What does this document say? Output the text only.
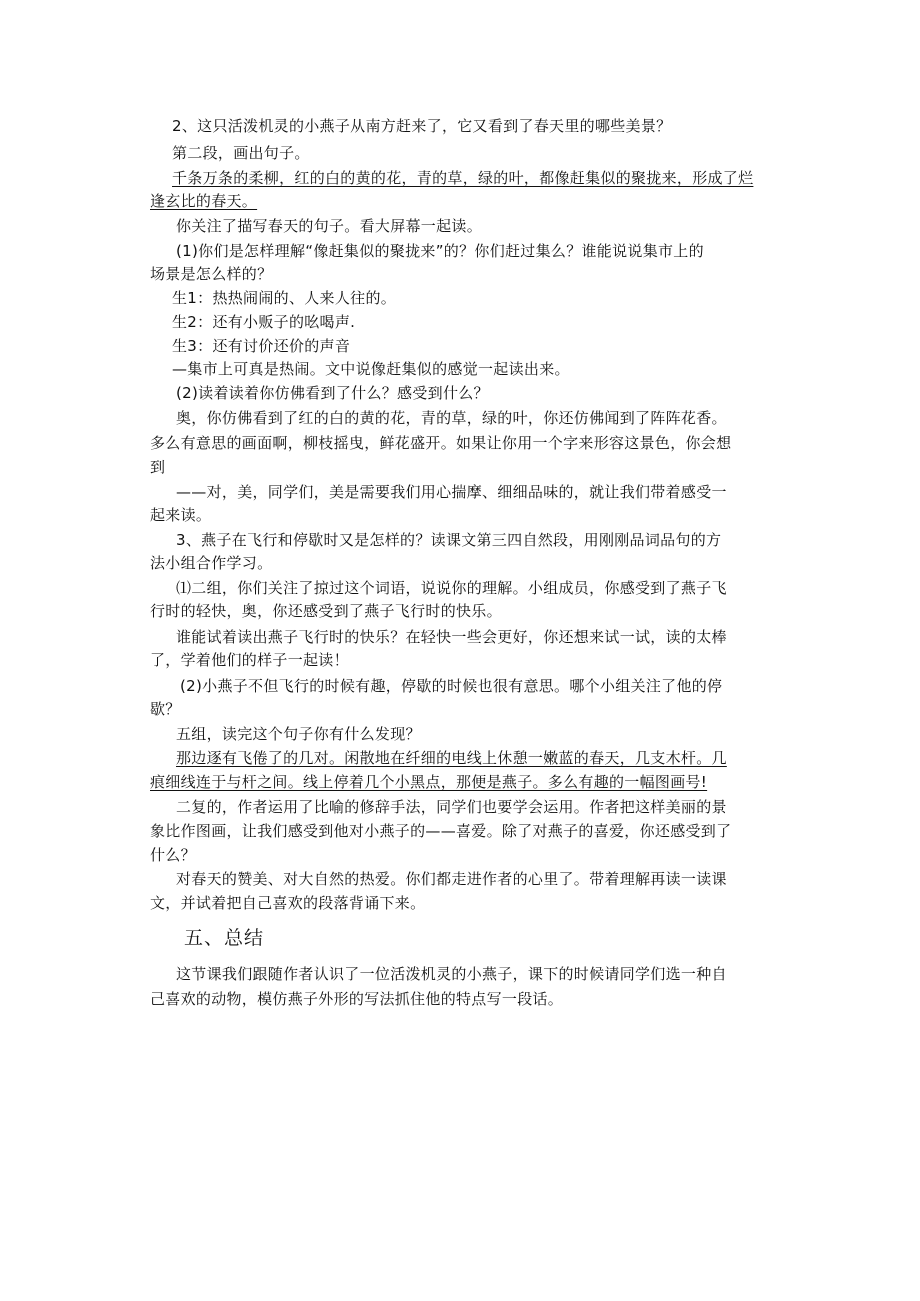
2、这只活泼机灵的小燕子从南方赶来了，它又看到了春天里的哪些美景？
第二段，画出句子。
千条万条的柔柳，红的白的黄的花，青的草，绿的叶，都像赶集似的聚拢来，形成了烂
逢玄比的春天。
你关注了描写春天的句子。看大屏幕一起读。
(1)你们是怎样理解“像赶集似的聚拢来”的？你们赶过集么？谁能说说集市上的
场景是怎么样的？
生1：热热闹闹的、人来人往的。
生2：还有小贩子的吆喝声.
生3：还有讨价还价的声音
—集市上可真是热闹。文中说像赶集似的感觉一起读出来。
(2)读着读着你仿佛看到了什么？感受到什么？
奥，你仿佛看到了红的白的黄的花，青的草，绿的叶，你还仿佛闻到了阵阵花香。
多么有意思的画面啊，柳枝摇曳，鲜花盛开。如果让你用一个字来形容这景色，你会想
到
——对，美，同学们，美是需要我们用心揣摩、细细品味的，就让我们带着感受一
起来读。
3、燕子在飞行和停歇时又是怎样的？读课文第三四自然段，用刚刚品词品句的方
法小组合作学习。
⑴二组，你们关注了掠过这个词语，说说你的理解。小组成员，你感受到了燕子飞
行时的轻快，奥，你还感受到了燕子飞行时的快乐。
谁能试着读出燕子飞行时的快乐？在轻快一些会更好，你还想来试一试，读的太棒
了，学着他们的样子一起读！
(2)小燕子不但飞行的时候有趣，停歇的时候也很有意思。哪个小组关注了他的停
歇？
五组，读完这个句子你有什么发现？
那边逐有飞倦了的几对。闲散地在纤细的电线上休憩一嫩蓝的春天，几支木杆。几
痕细线连于与杆之间。线上停着几个小黑点，那便是燕子。多么有趣的一幅图画号!
二复的，作者运用了比喻的修辞手法，同学们也要学会运用。作者把这样美丽的景
象比作图画，让我们感受到他对小燕子的——喜爱。除了对燕子的喜爱，你还感受到了
什么？
对春天的赞美、对大自然的热爱。你们都走进作者的心里了。带着理解再读一读课
文，并试着把自己喜欢的段落背诵下来。
五、总结
这节课我们跟随作者认识了一位活泼机灵的小燕子，课下的时候请同学们选一种自
己喜欢的动物，模仿燕子外形的写法抓住他的特点写一段话。
